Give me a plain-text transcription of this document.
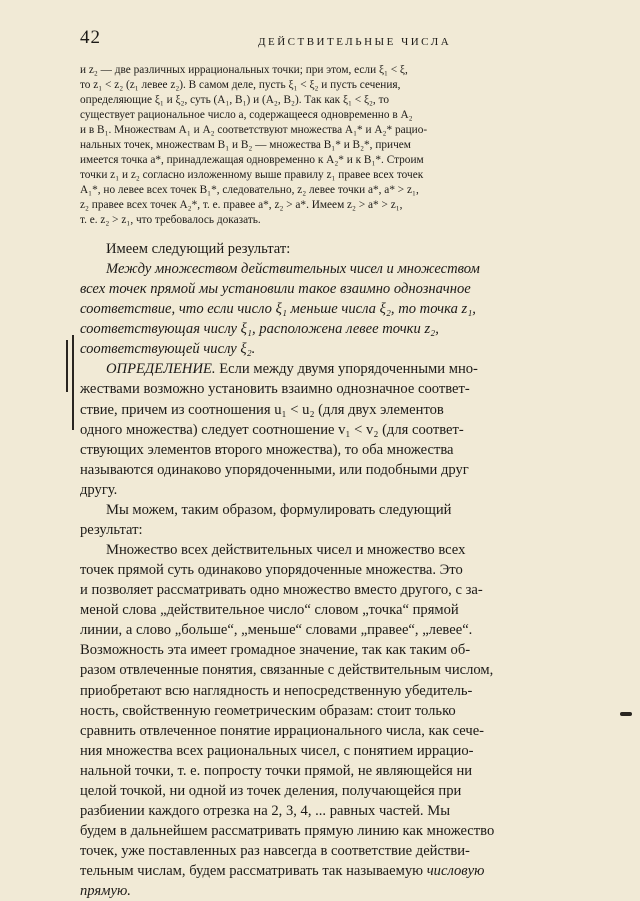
42	ДЕЙСТВИТЕЛЬНЫЕ ЧИСЛА
и z₂ — две различных иррациональных точки; при этом, если ξ₁ < ξ,
то z₁ < z₂ (z₁ левее z₂). В самом деле, пусть ξ₁ < ξ₂ и пусть сечения,
определяющие ξ₁ и ξ₂, суть (A₁, B₁) и (A₂, B₂). Так как ξ₁ < ξ₂, то
существует рациональное число a, содержащееся одновременно в A₂
и в B₁. Множествам A₁ и A₂ соответствуют множества A₁* и A₂* рацио-
нальных точек, множествам B₁ и B₂ — множества B₁* и B₂*, причем
имеется точка a*, принадлежащая одновременно к A₂* и к B₁*. Строим
точки z₁ и z₂ согласно изложенному выше правилу z₁ правее всех точек
A₁*, но левее всех точек B₁*, следовательно, z₂ левее точки a*, a* > z₁,
z₂ правее всех точек A₂*, т. е. правее a*, z₂ > a*. Имеем z₂ > a* > z₁,
т. е. z₂ > z₁, что требовалось доказать.
Имеем следующий результат:
Между множеством действительных чисел и множеством
всех точек прямой мы установили такое взаимно однозначное
соответствие, что если число ξ₁ меньше числа ξ₂, то точка z₁,
соответствующая числу ξ₁, расположена левее точки z₂,
соответствующей числу ξ₂.
ОПРЕДЕЛЕНИЕ. Если между двумя упорядоченными мно-
жествами возможно установить взаимно однозначное соответ-
ствие, причем из соотношения u₁ < u₂ (для двух элементов
одного множества) следует соотношение v₁ < v₂ (для соответ-
ствующих элементов второго множества), то оба множества
называются одинаково упорядоченными, или подобными друг
другу.
Мы можем, таким образом, формулировать следующий
результат:
Множество всех действительных чисел и множество всех
точек прямой суть одинаково упорядоченные множества. Это
и позволяет рассматривать одно множество вместо другого, с за-
меной слова „действительное число“ словом „точка“ прямой
линии, а слово „больше“, „меньше“ словами „правее“, „левее“.
Возможность эта имеет громадное значение, так как таким об-
разом отвлеченные понятия, связанные с действительным числом,
приобретают всю наглядность и непосредственную убедитель-
ность, свойственную геометрическим образам: стоит только
сравнить отвлеченное понятие иррационального числа, как сече-
ния множества всех рациональных чисел, с понятием иррацио-
нальной точки, т. е. попросту точки прямой, не являющейся ни
целой точкой, ни одной из точек деления, получающейся при
разбиении каждого отрезка на 2, 3, 4, ... равных частей. Мы
будем в дальнейшем рассматривать прямую линию как множество
точек, уже поставленных раз навсегда в соответствие действи-
тельным числам, будем рассматривать так называемую числовую
прямую.
